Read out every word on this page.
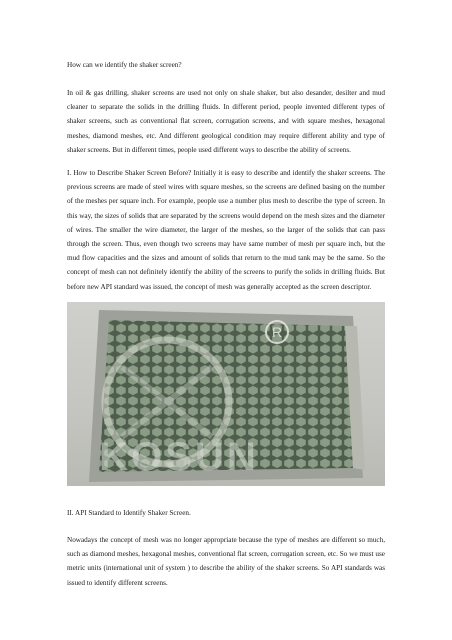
How can we identify the shaker screen?

In oil & gas drilling, shaker screens are used not only on shale shaker, but also desander, desilter and mud cleaner to separate the solids in the drilling fluids. In different period, people invented different types of shaker screens, such as conventional flat screen, corrugation screens, and with square meshes, hexagonal meshes, diamond meshes, etc. And different geological condition may require different ability and type of shaker screens. But in different times, people used different ways to describe the ability of screens.

I. How to Describe Shaker Screen Before? Initially it is easy to describe and identify the shaker screens. The previous screens are made of steel wires with square meshes, so the screens are defined basing on the number of the meshes per square inch. For example, people use a number plus mesh to describe the type of screen. In this way, the sizes of solids that are separated by the screens would depend on the mesh sizes and the diameter of wires. The smaller the wire diameter, the larger of the meshes, so the larger of the solids that can pass through the screen. Thus, even though two screens may have same number of mesh per square inch, but the mud flow capacities and the sizes and amount of solids that return to the mud tank may be the same. So the concept of mesh can not definitely identify the ability of the screens to purify the solids in drilling fluids. But before new API standard was issued, the concept of mesh was generally accepted as the screen descriptor.

R
KOSUN

II. API Standard to Identify Shaker Screen.

Nowadays the concept of mesh was no longer appropriate because the type of meshes are different so much, such as diamond meshes, hexagonal meshes, conventional flat screen, corrugation screen, etc. So we must use metric units (international unit of system ) to describe the ability of the shaker screens. So API standards was issued to identify different screens.
